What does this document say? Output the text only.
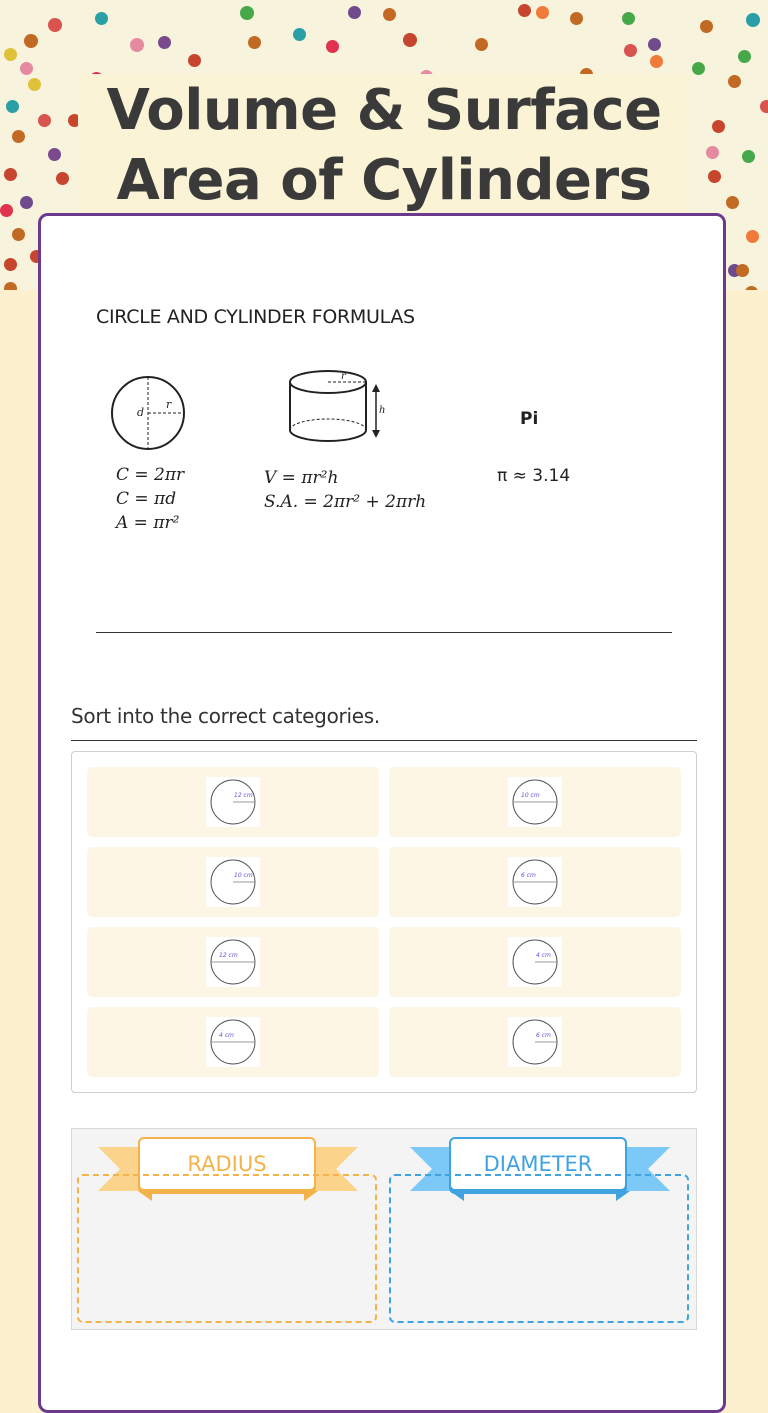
Volume & Surface Area of Cylinders
CIRCLE AND CYLINDER FORMULAS
d
r
r
h
C = 2πr
C = πd
A = πr²
V = πr²h
S.A. = 2πr² + 2πrh
Pi
π ≈ 3.14
Sort into the correct categories.
12 cm	10 cm
10 cm	6 cm
12 cm	4 cm
4 cm	6 cm
RADIUS	DIAMETER
